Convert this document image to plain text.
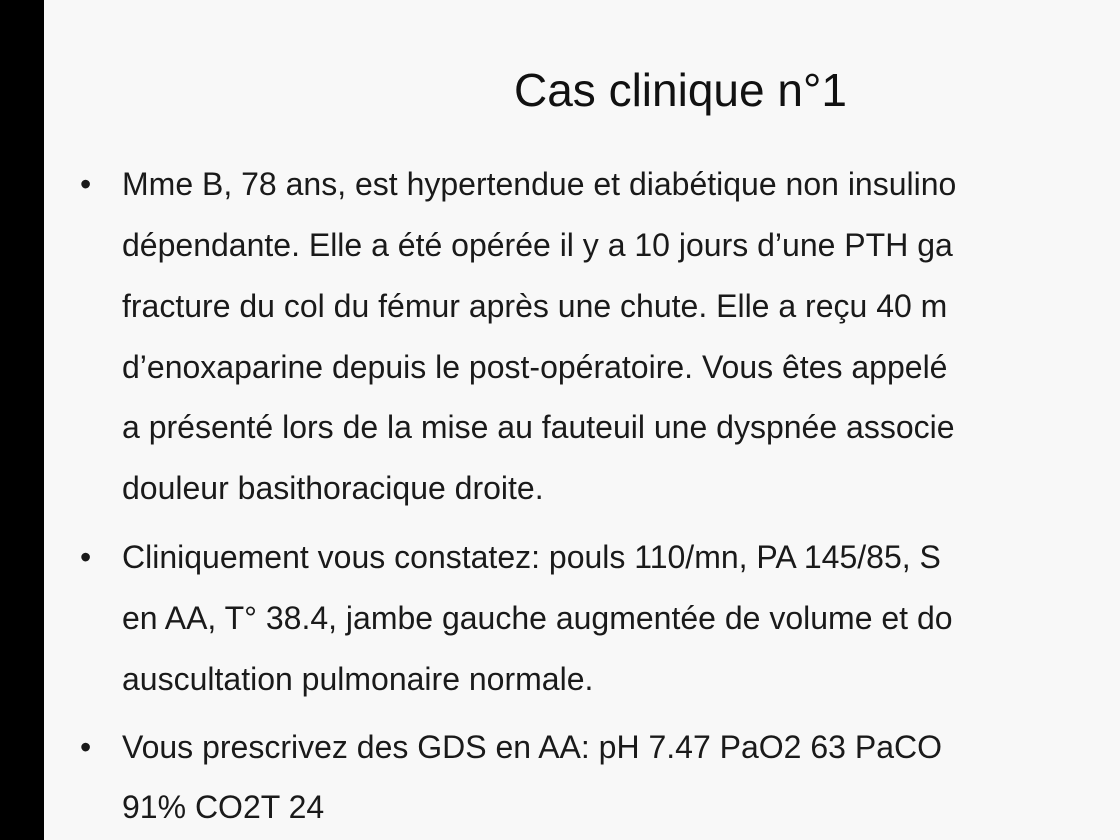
Cas clinique n°1
• Mme B, 78 ans, est hypertendue et diabétique non insulino
dépendante. Elle a été opérée il y a 10 jours d’une PTH ga
fracture du col du fémur après une chute. Elle a reçu 40 m
d’enoxaparine depuis le post-opératoire. Vous êtes appelé
a présenté lors de la mise au fauteuil une dyspnée associe
douleur basithoracique droite.
• Cliniquement vous constatez: pouls 110/mn, PA 145/85, S
en AA, T° 38.4, jambe gauche augmentée de volume et do
auscultation pulmonaire normale.
• Vous prescrivez des GDS en AA: pH 7.47 PaO2 63 PaCO
91% CO2T 24
